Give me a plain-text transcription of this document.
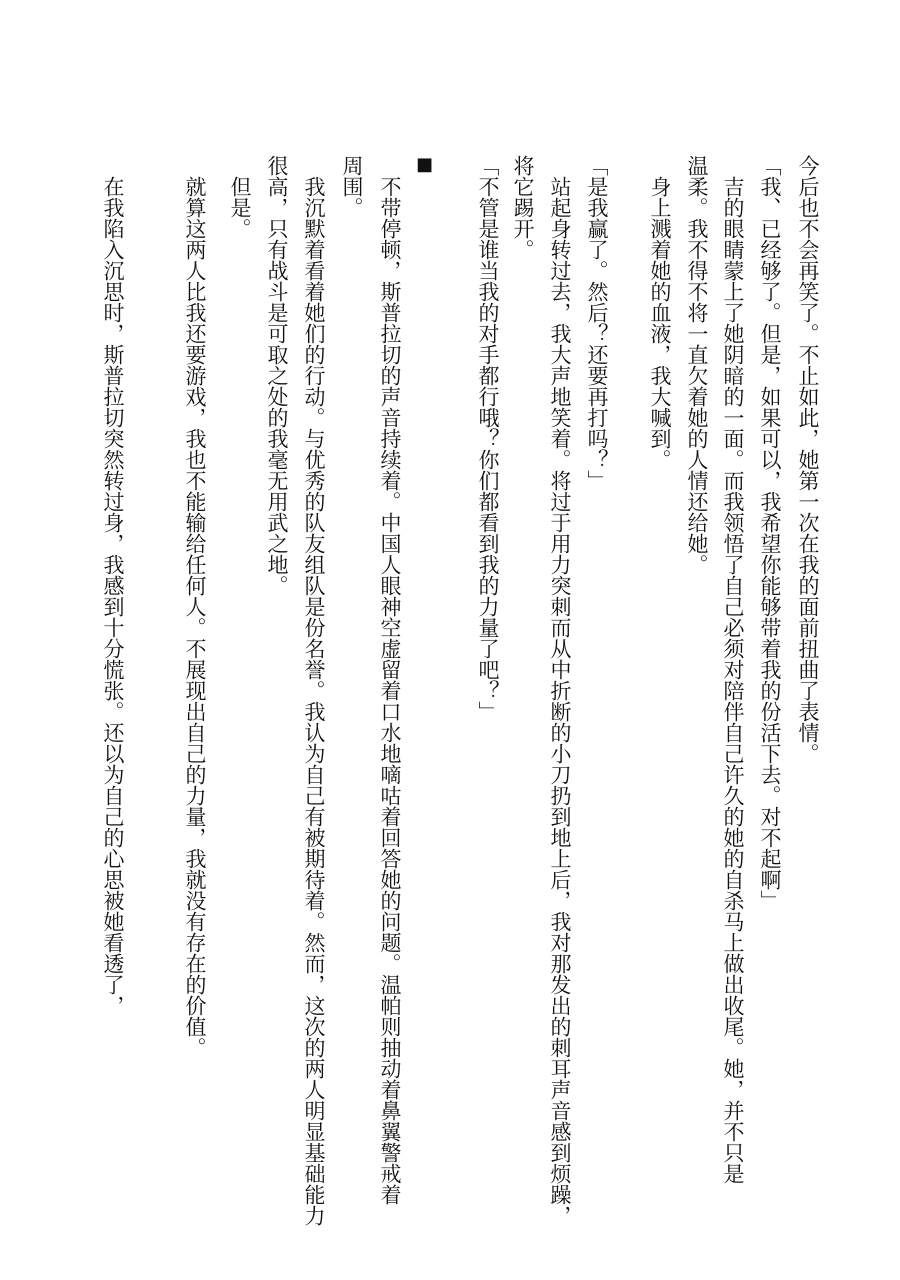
今后也不会再笑了。不止如此，她第一次在我的面前扭曲了表情。
「我、已经够了。但是，如果可以，我希望你能够带着我的份活下去。对不起啊」
吉的眼睛蒙上了她阴暗的一面。而我领悟了自己必须对陪伴自己许久的她的自杀马上做出收尾。她，并不只是
温柔。我不得不将一直欠着她的人情还给她。
身上溅着她的血液，我大喊到。
「是我赢了。然后？还要再打吗？」
站起身转过去，我大声地笑着。将过于用力突刺而从中折断的小刀扔到地上后，我对那发出的刺耳声音感到烦躁，
将它踢开。
「不管是谁当我的对手都行哦？你们都看到我的力量了吧？」
■
不带停顿，斯普拉切的声音持续着。中国人眼神空虚留着口水地嘀咕着回答她的问题。温帕则抽动着鼻翼警戒着
周围。
我沉默着看着她们的行动。与优秀的队友组队是份名誉。我认为自己有被期待着。然而，这次的两人明显基础能力
很高，只有战斗是可取之处的我毫无用武之地。
但是。
就算这两人比我还要游戏，我也不能输给任何人。不展现出自己的力量，我就没有存在的价值。
在我陷入沉思时，斯普拉切突然转过身，我感到十分慌张。还以为自己的心思被她看透了，
